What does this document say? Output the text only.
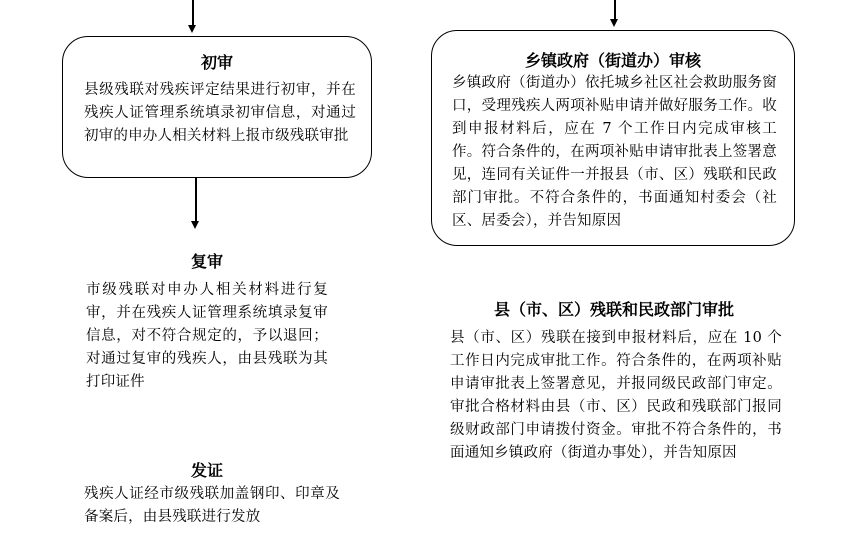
初审
县级残联对残疾评定结果进行初审，并在残疾人证管理系统填录初审信息，对通过初审的申办人相关材料上报市级残联审批
复审
市级残联对申办人相关材料进行复审，并在残疾人证管理系统填录复审信息，对不符合规定的，予以退回；对通过复审的残疾人，由县残联为其打印证件
发证
残疾人证经市级残联加盖钢印、印章及备案后，由县残联进行发放
乡镇政府（街道办）审核
乡镇政府（街道办）依托城乡社区社会救助服务窗口，受理残疾人两项补贴申请并做好服务工作。收到申报材料后，应在 7 个工作日内完成审核工作。符合条件的，在两项补贴申请审批表上签署意见，连同有关证件一并报县（市、区）残联和民政部门审批。不符合条件的，书面通知村委会（社区、居委会），并告知原因
县（市、区）残联和民政部门审批
县（市、区）残联在接到申报材料后，应在 10 个工作日内完成审批工作。符合条件的，在两项补贴申请审批表上签署意见，并报同级民政部门审定。审批合格材料由县（市、区）民政和残联部门报同级财政部门申请拨付资金。审批不符合条件的，书面通知乡镇政府（街道办事处），并告知原因
